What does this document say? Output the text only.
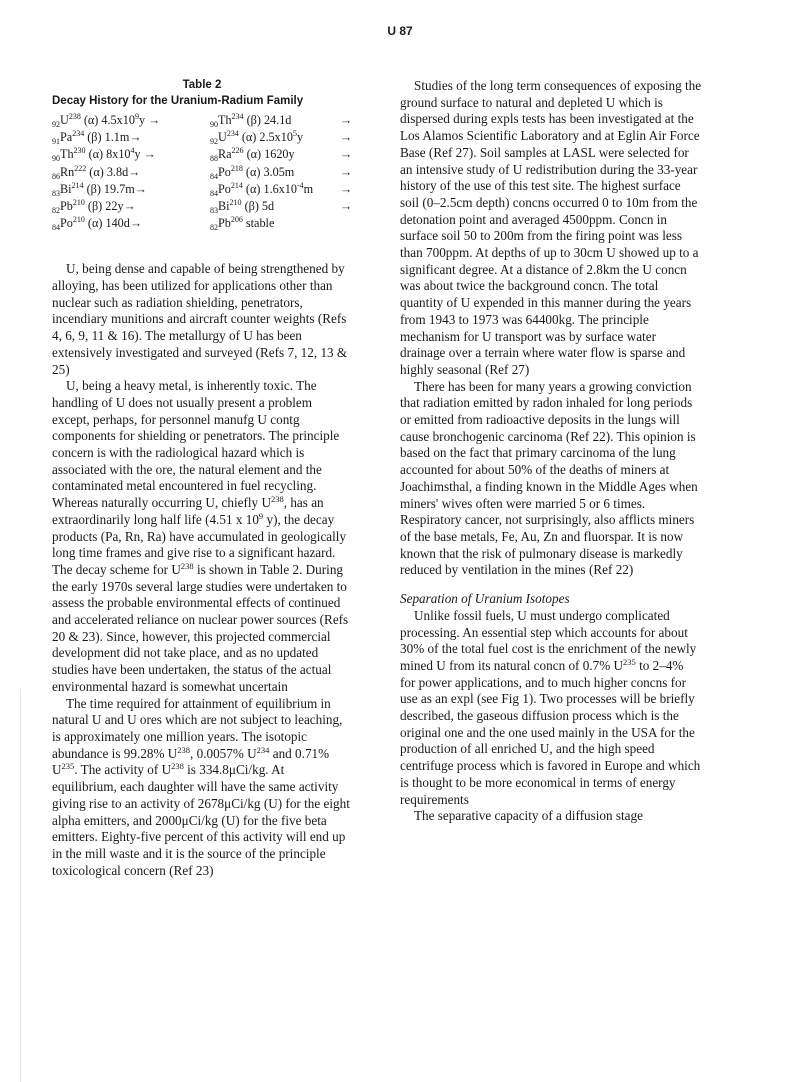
U 87
Table 2
Decay History for the Uranium-Radium Family
$_{92}U^{238}$ (α) $4.5x10^9y$ →	$_{90}Th^{234}$ (β) 24.1d	→
$_{91}Pa^{234}$ (β) 1.1m→	$_{92}U^{234}$ (α) $2.5x10^5y$	→
$_{90}Th^{230}$ (α) $8x10^4y$ →	$_{88}Ra^{226}$ (α) 1620y	→
$_{86}Rn^{222}$ (α) 3.8d→	$_{84}Po^{218}$ (α) 3.05m	→
$_{83}Bi^{214}$ (β) 19.7m→	$_{84}Po^{214}$ (α) $1.6x10^{-4}m$	→
$_{82}Pb^{210}$ (β) 22y→	$_{83}Bi^{210}$ (β) 5d	→
$_{84}Po^{210}$ (α) 140d→	$_{82}Pb^{206}$ stable

U, being dense and capable of being strengthened by alloying, has been utilized for applications other than nuclear such as radiation shielding, penetrators, incendiary munitions and aircraft counter weights (Refs 4, 6, 9, 11 & 16). The metallurgy of U has been extensively investigated and surveyed (Refs 7, 12, 13 & 25)

U, being a heavy metal, is inherently toxic. The handling of U does not usually present a problem except, perhaps, for personnel manufg U contg components for shielding or penetrators. The principle concern is with the radiological hazard which is associated with the ore, the natural element and the contaminated metal encountered in fuel recycling. Whereas naturally occurring U, chiefly $U^{238}$, has an extraordinarily long half life (4.51 x $10^9$ y), the decay products (Pa, Rn, Ra) have accumulated in geologically long time frames and give rise to a significant hazard. The decay scheme for $U^{238}$ is shown in Table 2. During the early 1970s several large studies were undertaken to assess the probable environmental effects of continued and accelerated reliance on nuclear power sources (Refs 20 & 23). Since, however, this projected commercial development did not take place, and as no updated studies have been undertaken, the status of the actual environmental hazard is somewhat uncertain

The time required for attainment of equilibrium in natural U and U ores which are not subject to leaching, is approximately one million years. The isotopic abundance is 99.28% $U^{238}$, 0.0057% $U^{234}$ and 0.71% $U^{235}$. The activity of $U^{238}$ is 334.8μCi/kg. At equilibrium, each daughter will have the same activity giving rise to an activity of 2678μCi/kg (U) for the eight alpha emitters, and 2000μCi/kg (U) for the five beta emitters. Eighty-five percent of this activity will end up in the mill waste and it is the source of the principle toxicological concern (Ref 23)

Studies of the long term consequences of exposing the ground surface to natural and depleted U which is dispersed during expls tests has been investigated at the Los Alamos Scientific Laboratory and at Eglin Air Force Base (Ref 27). Soil samples at LASL were selected for an intensive study of U redistribution during the 33-year history of the use of this test site. The highest surface soil (0–2.5cm depth) concns occurred 0 to 10m from the detonation point and averaged 4500ppm. Concn in surface soil 50 to 200m from the firing point was less than 700ppm. At depths of up to 30cm U showed up to a significant degree. At a distance of 2.8km the U concn was about twice the background concn. The total quantity of U expended in this manner during the years from 1943 to 1973 was 64400kg. The principle mechanism for U transport was by surface water drainage over a terrain where water flow is sparse and highly seasonal (Ref 27)

There has been for many years a growing conviction that radiation emitted by radon inhaled for long periods or emitted from radioactive deposits in the lungs will cause bronchogenic carcinoma (Ref 22). This opinion is based on the fact that primary carcinoma of the lung accounted for about 50% of the deaths of miners at Joachimsthal, a finding known in the Middle Ages when miners' wives often were married 5 or 6 times. Respiratory cancer, not surprisingly, also afflicts miners of the base metals, Fe, Au, Zn and fluorspar. It is now known that the risk of pulmonary disease is markedly reduced by ventilation in the mines (Ref 22)

Separation of Uranium Isotopes

Unlike fossil fuels, U must undergo complicated processing. An essential step which accounts for about 30% of the total fuel cost is the enrichment of the newly mined U from its natural concn of 0.7% $U^{235}$ to 2–4% for power applications, and to much higher concns for use as an expl (see Fig 1). Two processes will be briefly described, the gaseous diffusion process which is the original one and the one used mainly in the USA for the production of all enriched U, and the high speed centrifuge process which is favored in Europe and which is thought to be more economical in terms of energy requirements

The separative capacity of a diffusion stage
